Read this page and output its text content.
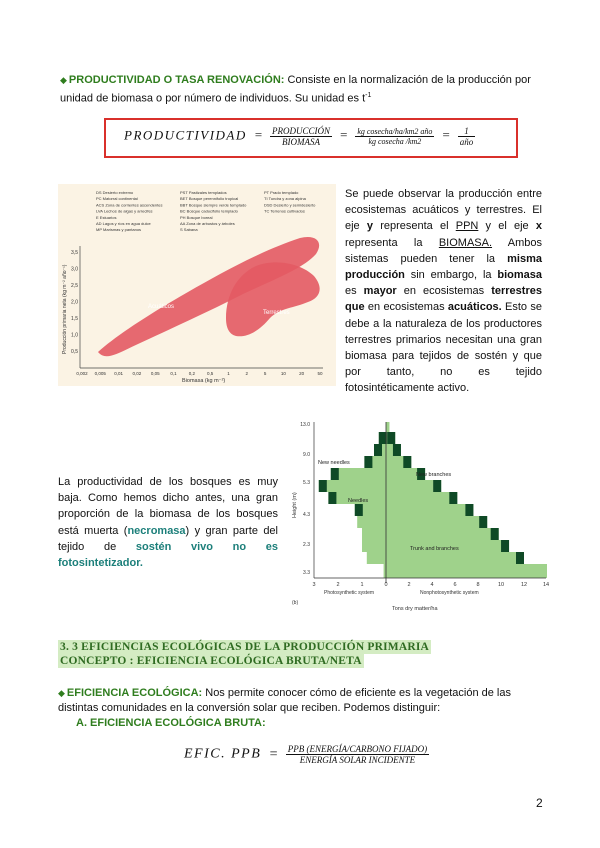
◆ PRODUCTIVIDAD O TASA RENOVACIÓN: Consiste en la normalización de la producción por
unidad de biomasa o por número de individuos. Su unidad es $t^{-1}$
PRODUCTIVIDAD = $\frac{\text{PRODUCCIÓN}}{\text{BIOMASA}} = \frac{\text{kg cosecha/ha/km2 año}}{\text{kg cosecha /km2}} = \frac{1}{\text{año}}$
DS Desierto extremo
PC Matorral continental
ACS Zona de corrientes ascendentes
LVA Lechos de algas y arrecifes
E Estuarios
AD Lagos y ríos en agua dulce
MP Marismas y pantanos
PST Pastizales templados
BET Bosque perennifolio tropical
BBT Bosque siempre verde templado
BC Bosque caducifolio templado
PH Bosque boreal
AA Zona de arbustos y árboles
S Sabana
PT Prado templado
TI Tundra y zona alpina
DSD Desierto y semidesierto
TC Terrenos cultivados
Acuáticos
Terrestres
3,5
3,0
2,5
2,0
1,5
1,0
0,5
0,002 0,005 0,01 0,02 0,05 0,1	0,2	0,5	1	2	5	10	20	50
Biomasa (kg m⁻²)
Producción primaria neta (kg m⁻² año⁻¹)
Se puede observar la producción entre ecosistemas acuáticos y terrestres. El eje y representa el PPN y el eje x representa la BIOMASA. Ambos sistemas pueden tener la misma producción sin embargo, la biomasa es mayor en ecosistemas terrestres que en ecosistemas acuáticos. Esto se debe a la naturaleza de los productores terrestres primarios necesitan una gran biomasa para tejidos de sostén y que por tanto, no es tejido fotosintéticamente activo.
La productividad de los bosques es muy baja. Como hemos dicho antes, una gran proporción de la biomasa de los bosques está muerta (necromasa) y gran parte del tejido de sostén vivo no es fotosintetizador.
13.0
9.0
5.3
4.3
2.3
3.3
3	2	1	0	2	4	6	8	10	12	14
New needles
New branches
Needles
Trunk and branches
Photosynthetic system	Nonphotosynthetic system
(b)
Tons dry matter/ha
Height (m)
3. 3 EFICIENCIAS ECOLÓGICAS DE LA PRODUCCIÓN PRIMARIA
CONCEPTO : EFICIENCIA ECOLÓGICA BRUTA/NETA
◆ EFICIENCIA ECOLÓGICA: Nos permite conocer cómo de eficiente es la vegetación de las
distintas comunidades en la conversión solar que reciben. Podemos distinguir:
A. EFICIENCIA ECOLÓGICA BRUTA:
EFIC. PPB = $\frac{\text{PPB (ENERGÍA/CARBONO FIJADO)}}{\text{ENERGÍA SOLAR INCIDENTE}}$
2
